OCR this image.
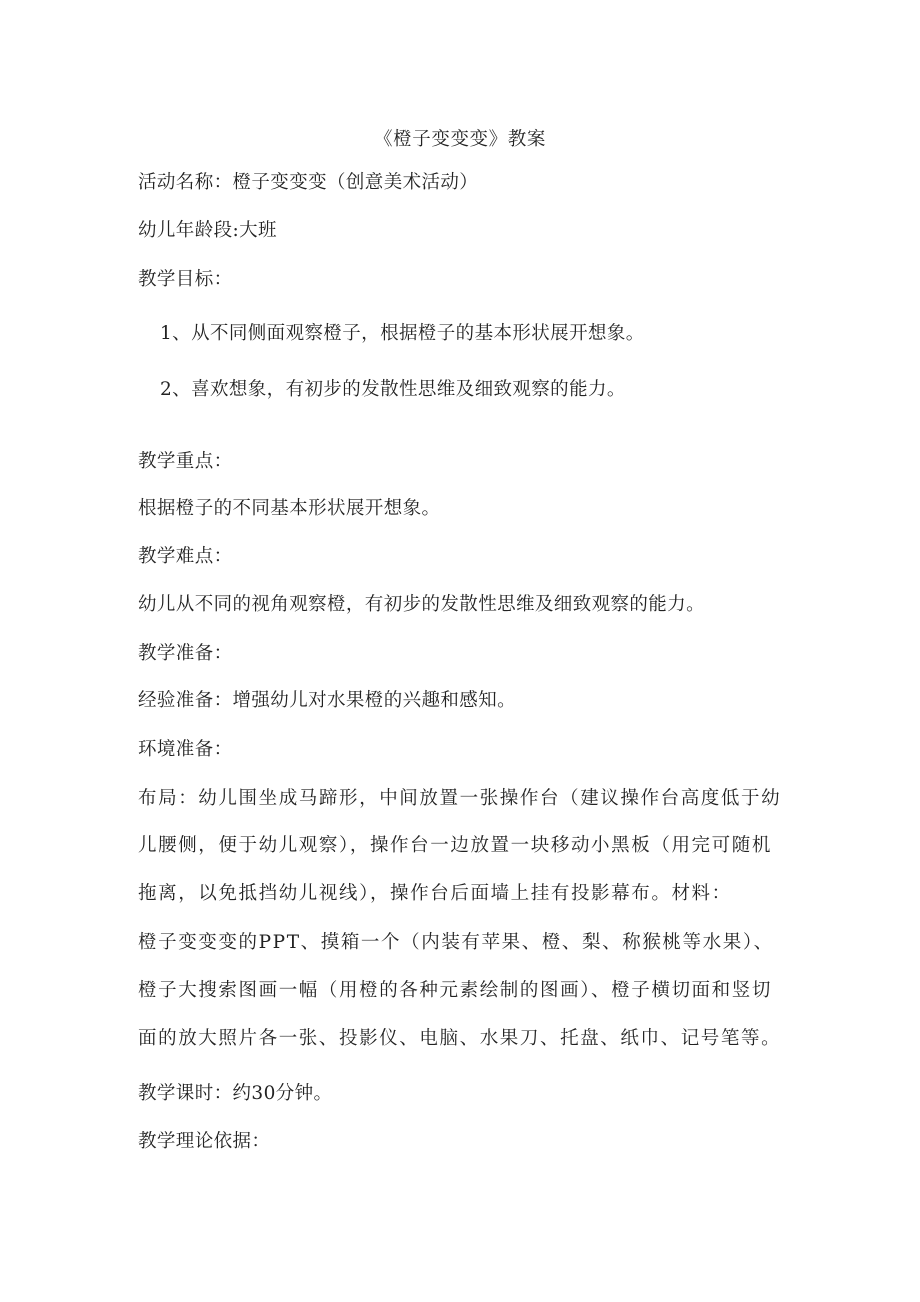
《橙子变变变》教案
活动名称：橙子变变变（创意美术活动）
幼儿年龄段:大班
教学目标：
1、从不同侧面观察橙子，根据橙子的基本形状展开想象。
2、喜欢想象，有初步的发散性思维及细致观察的能力。
教学重点：
根据橙子的不同基本形状展开想象。
教学难点：
幼儿从不同的视角观察橙，有初步的发散性思维及细致观察的能力。
教学准备：
经验准备：增强幼儿对水果橙的兴趣和感知。
环境准备：
布局：幼儿围坐成马蹄形，中间放置一张操作台（建议操作台高度低于幼
儿腰侧，便于幼儿观察），操作台一边放置一块移动小黑板（用完可随机
拖离，以免抵挡幼儿视线），操作台后面墙上挂有投影幕布。材料：
橙子变变变的PPT、摸箱一个（内装有苹果、橙、梨、称猴桃等水果）、
橙子大搜索图画一幅（用橙的各种元素绘制的图画）、橙子横切面和竖切
面的放大照片各一张、投影仪、电脑、水果刀、托盘、纸巾、记号笔等。
教学课时：约30分钟。
教学理论依据：
